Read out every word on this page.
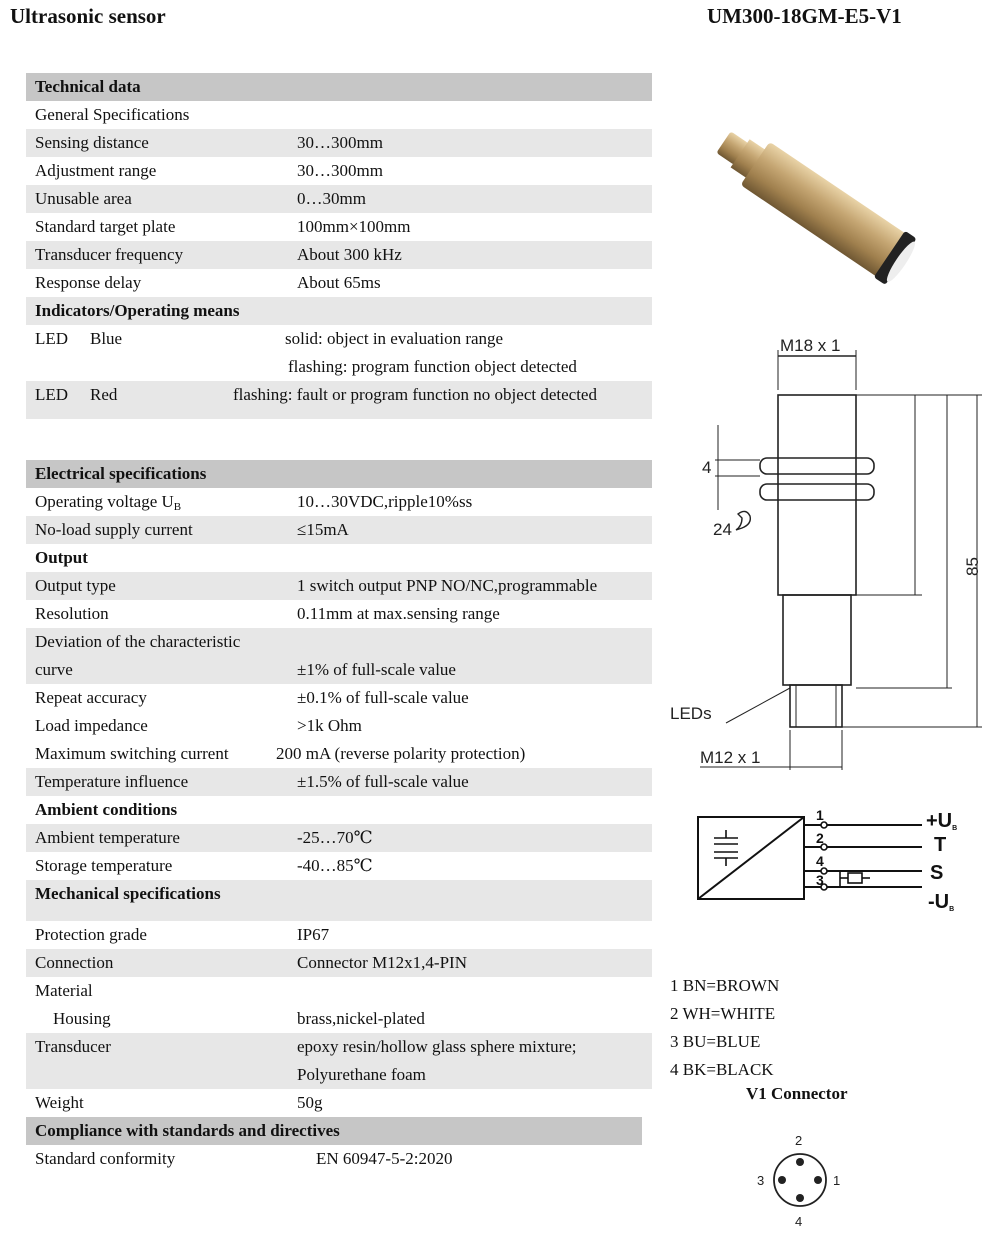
Ultrasonic sensor	UM300-18GM-E5-V1
Technical data
General Specifications
Sensing distance	30…300mm
Adjustment range	30…300mm
Unusable area	0…30mm
Standard target plate	100mm×100mm
Transducer frequency	About 300 kHz
Response delay	About 65ms
Indicators/Operating means
LED Blue	solid: object in evaluation range
flashing: program function object detected
LED Red	flashing: fault or program function no object detected
Electrical specifications
Operating voltage $U_B$	10…30VDC,ripple10%ss
No-load supply current	≤15mA
Output
Output type	1 switch output PNP NO/NC,programmable
Resolution	0.11mm at max.sensing range
Deviation of the characteristic
curve	±1% of full-scale value
Repeat accuracy	±0.1% of full-scale value
Load impedance	>1k Ohm
Maximum switching current	200 mA (reverse polarity protection)
Temperature influence	±1.5% of full-scale value
Ambient conditions
Ambient temperature	-25…70℃
Storage temperature	-40…85℃
Mechanical specifications
Protection grade	IP67
Connection	Connector M12x1,4-PIN
Material
Housing	brass,nickel-plated
Transducer	epoxy resin/hollow glass sphere mixture;
Polyurethane foam
Weight	50g
Compliance with standards and directives
Standard conformity	EN 60947-5-2:2020
M18 x 1
4
24
85
LEDs
M12 x 1
1
2
4
3
+UB
T
S
-UB
1 BN=BROWN
2 WH=WHITE
3 BU=BLUE
4 BK=BLACK
V1 Connector
2
1
3
4
